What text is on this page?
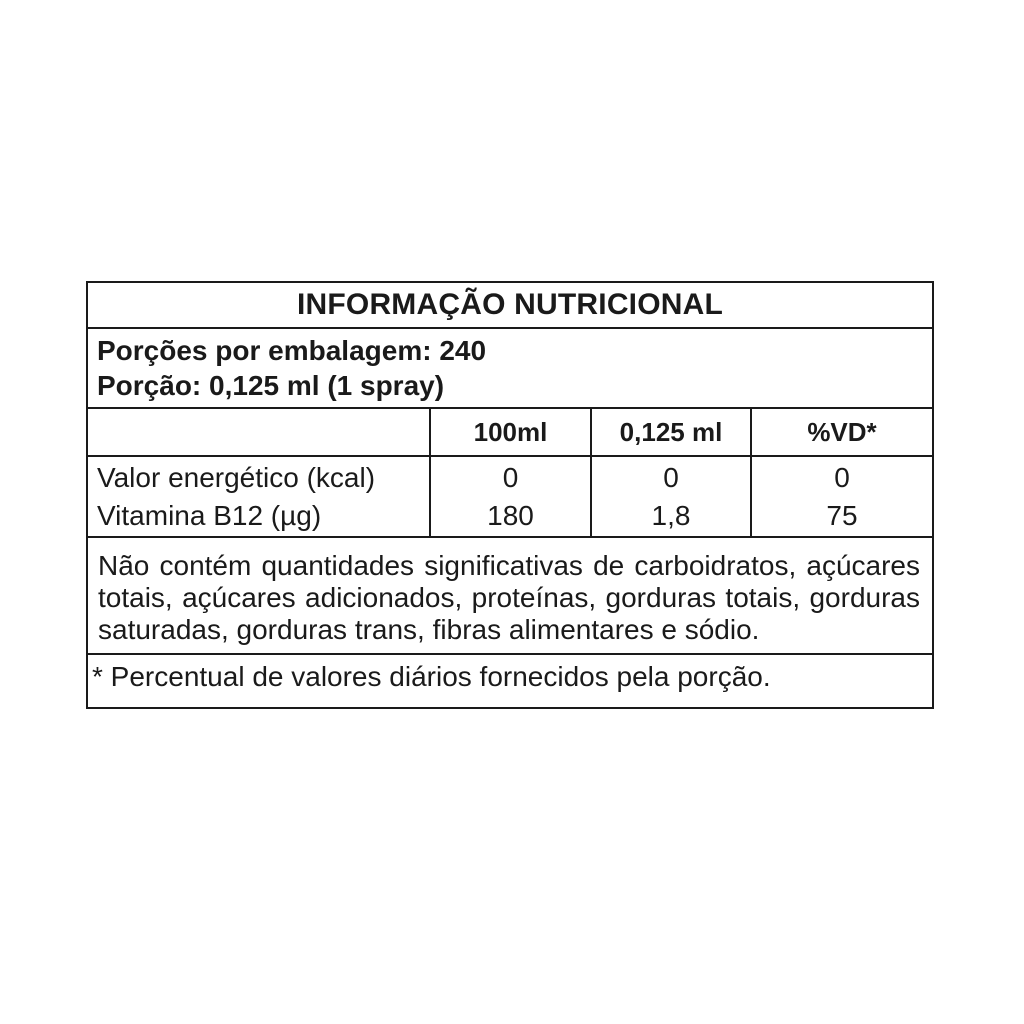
INFORMAÇÃO NUTRICIONAL
Porções por embalagem: 240
Porção: 0,125 ml (1 spray)
	100ml	0,125 ml	%VD*
Valor energético (kcal)	0	0	0
Vitamina B12 (µg)	180	1,8	75
Não contém quantidades significativas de carboidratos, açúcares totais, açúcares adicionados, proteínas, gorduras totais, gorduras saturadas, gorduras trans, fibras alimentares e sódio.
* Percentual de valores diários fornecidos pela porção.
